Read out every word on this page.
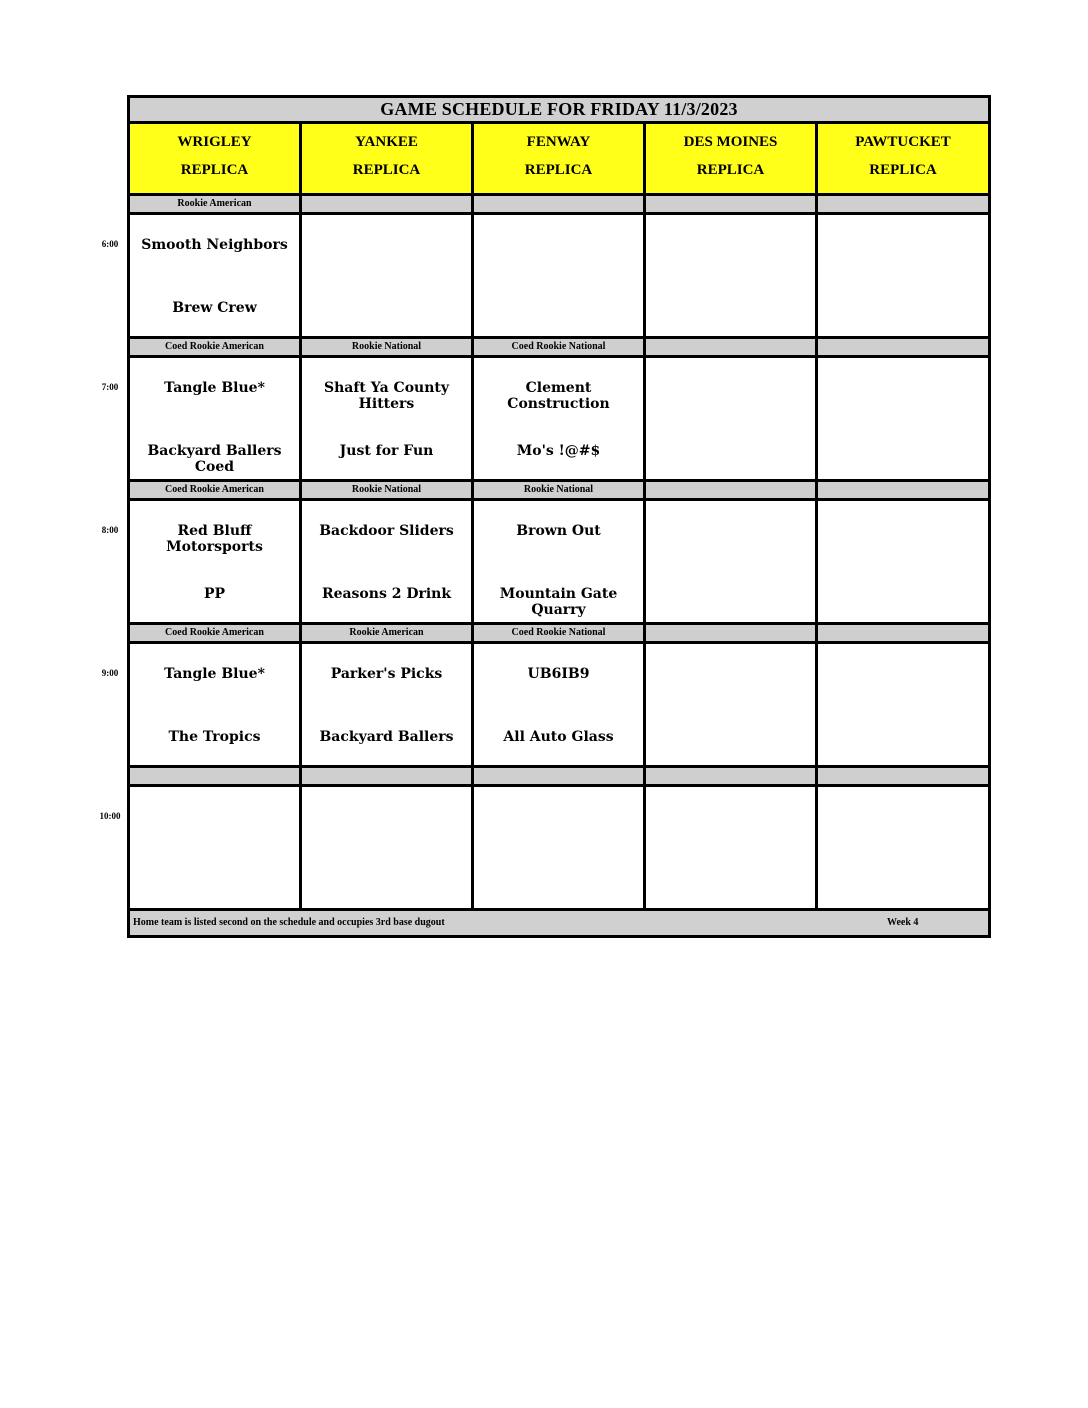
6:00
7:00
8:00
9:00
10:00
GAME SCHEDULE FOR FRIDAY 11/3/2023
WRIGLEY
REPLICA
YANKEE
REPLICA
FENWAY
REPLICA
DES MOINES
REPLICA
PAWTUCKET
REPLICA
Rookie American
Smooth Neighbors
Brew Crew
Coed Rookie American
Tangle Blue*
Backyard Ballers Coed
Rookie National
Shaft Ya County Hitters
Just for Fun
Coed Rookie National
Clement Construction
Mo's !@#$
Coed Rookie American
Red Bluff Motorsports
PP
Rookie National
Backdoor Sliders
Reasons 2 Drink
Rookie National
Brown Out
Mountain Gate Quarry
Coed Rookie American
Tangle Blue*
The Tropics
Rookie American
Parker's Picks
Backyard Ballers
Coed Rookie National
UB6IB9
All Auto Glass
Home team is listed second on the schedule and occupies 3rd base dugout	Week 4
